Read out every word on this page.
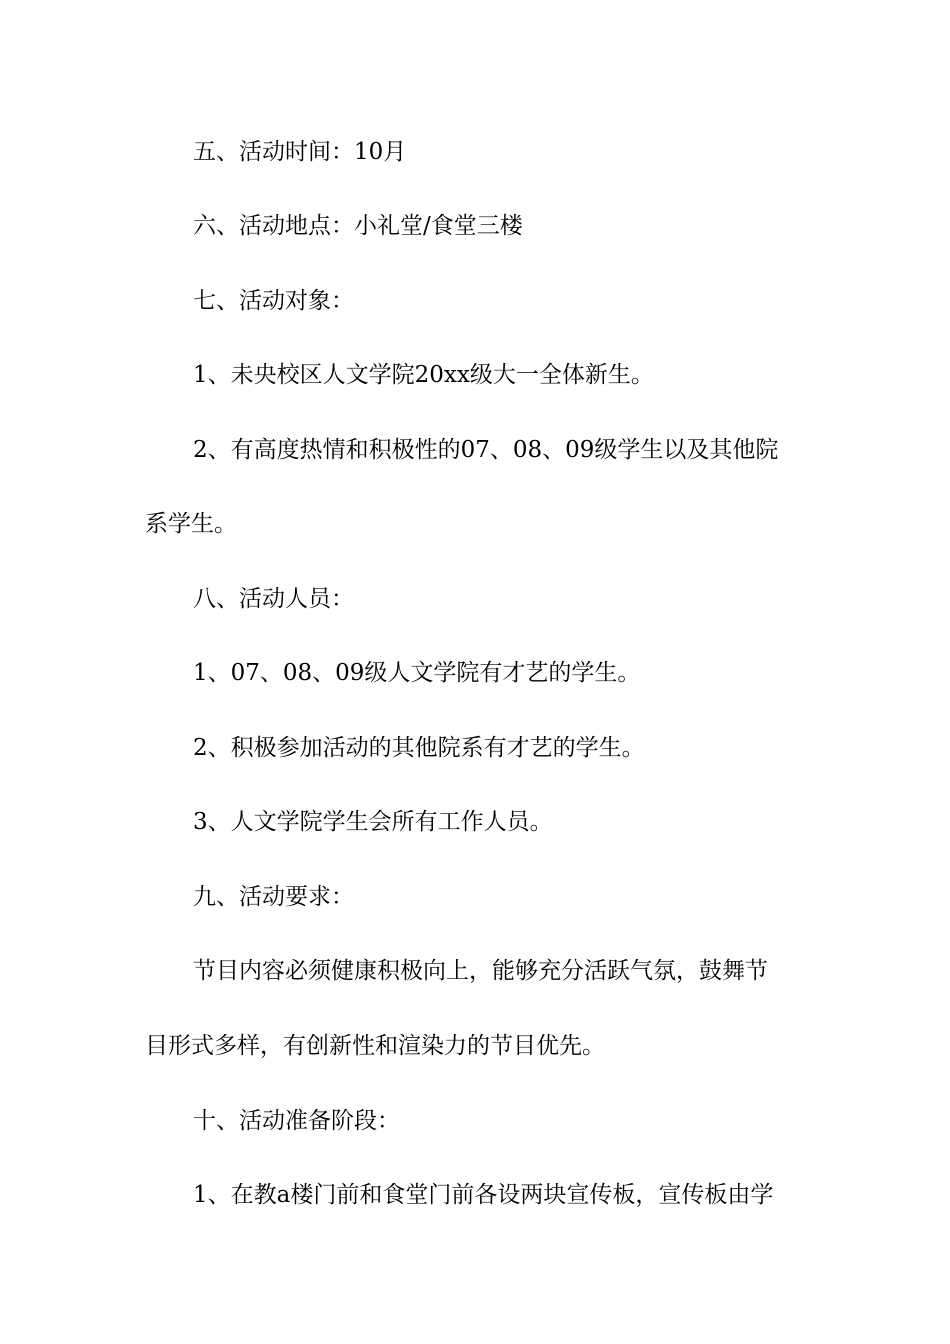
五、活动时间：10月
六、活动地点：小礼堂/食堂三楼
七、活动对象：
1、未央校区人文学院20xx级大一全体新生。
2、有高度热情和积极性的07、08、09级学生以及其他院
系学生。
八、活动人员：
1、07、08、09级人文学院有才艺的学生。
2、积极参加活动的其他院系有才艺的学生。
3、人文学院学生会所有工作人员。
九、活动要求：
节目内容必须健康积极向上，能够充分活跃气氛，鼓舞节
目形式多样，有创新性和渲染力的节目优先。
十、活动准备阶段：
1、在教a楼门前和食堂门前各设两块宣传板，宣传板由学
